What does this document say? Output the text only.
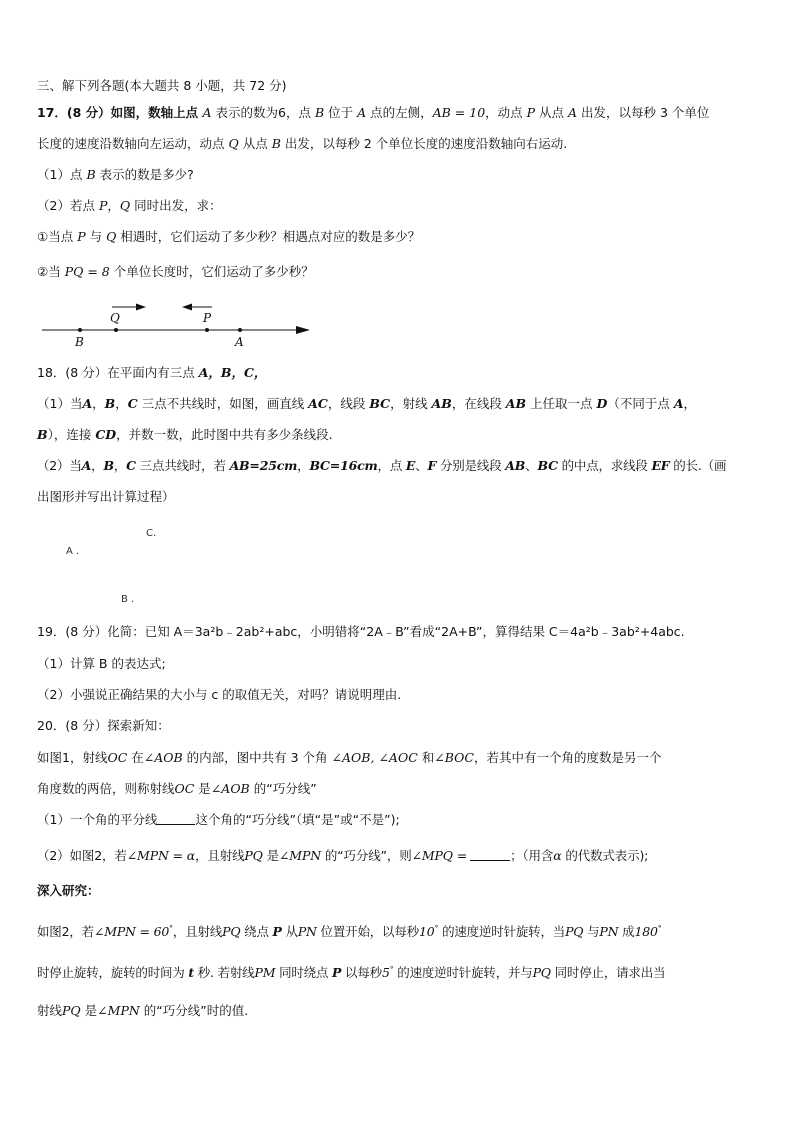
三、解下列各题(本大题共 8 小题，共 72 分)
17．(8 分）如图，数轴上点 A 表示的数为6，点 B 位于 A 点的左侧，AB = 10，动点 P 从点 A 出发，以每秒 3 个单位
长度的速度沿数轴向左运动，动点 Q 从点 B 出发，以每秒 2 个单位长度的速度沿数轴向右运动.
（1）点 B 表示的数是多少?
（2）若点 P，Q 同时出发，求：
①当点 P 与 Q 相遇时，它们运动了多少秒？相遇点对应的数是多少？
②当 PQ = 8 个单位长度时，它们运动了多少秒？
Q	P
B	A
18．(8 分）在平面内有三点 A，B，C，
（1）当A，B，C 三点不共线时，如图，画直线 AC，线段 BC，射线 AB，在线段 AB 上任取一点 D（不同于点 A，
B），连接 CD，并数一数，此时图中共有多少条线段.
（2）当A，B，C 三点共线时，若 AB=25cm，BC=16cm，点 E、F 分别是线段 AB、BC 的中点，求线段 EF 的长.（画
出图形并写出计算过程）
C.
A .
B .
19．(8 分）化简：已知 A＝3a²b﹣2ab²+abc，小明错将“2A﹣B”看成“2A+B”，算得结果 C＝4a²b﹣3ab²+4abc.
（1）计算 B 的表达式;
（2）小强说正确结果的大小与 c 的取值无关，对吗？请说明理由.
20．(8 分）探索新知：
如图1，射线OC 在∠AOB 的内部，图中共有 3 个角 ∠AOB, ∠AOC 和∠BOC，若其中有一个角的度数是另一个
角度数的两倍，则称射线OC 是∠AOB 的“巧分线”
（1）一个角的平分线	这个角的“巧分线”（填“是”或“不是”);
（2）如图2，若∠MPN = α，且射线PQ 是∠MPN 的“巧分线”，则∠MPQ =	；（用含α 的代数式表示);
深入研究：
如图2，若∠MPN = 60°，且射线PQ 绕点 P 从PN 位置开始，以每秒10° 的速度逆时针旋转，当PQ 与PN 成180°
时停止旋转，旋转的时间为 t 秒. 若射线PM 同时绕点 P 以每秒5° 的速度逆时针旋转，并与PQ 同时停止，请求出当
射线PQ 是∠MPN 的“巧分线”时的值.
